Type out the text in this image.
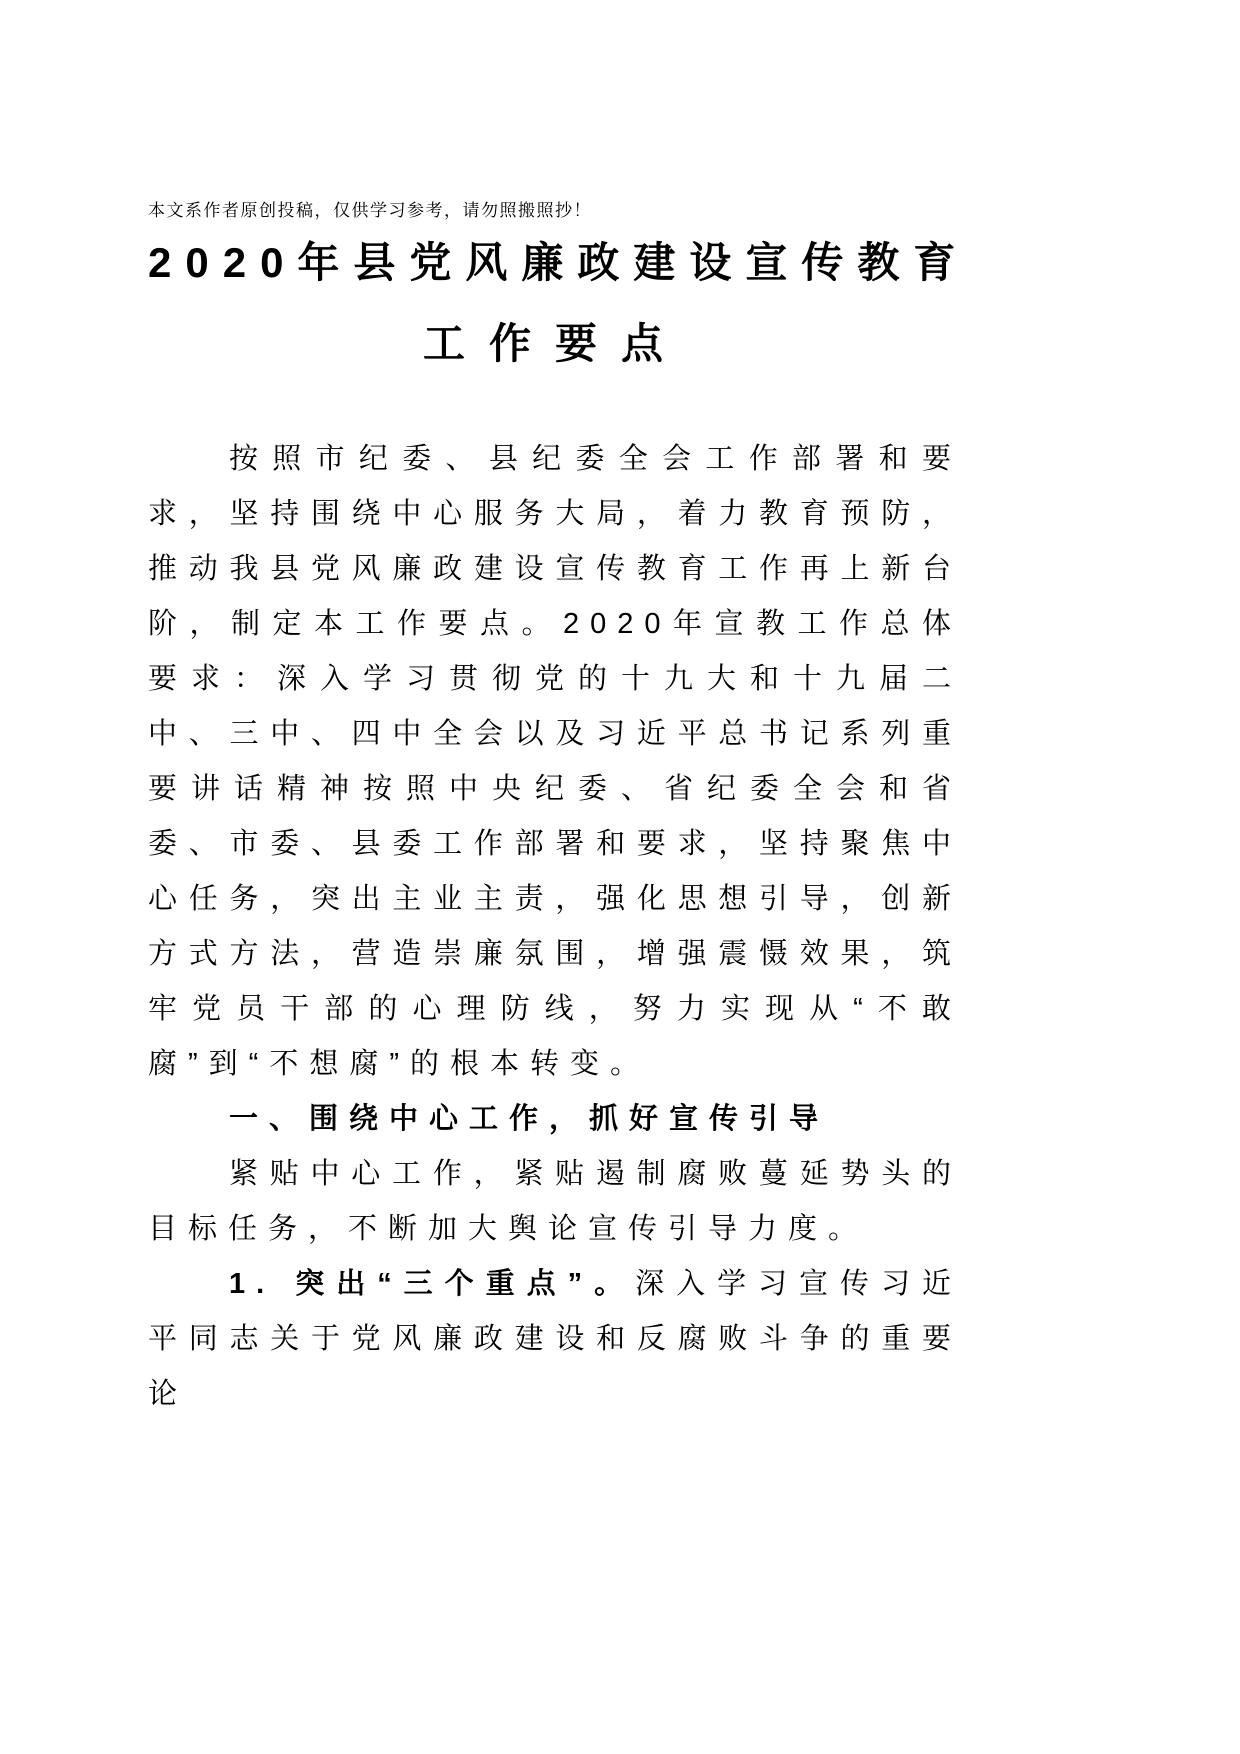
本文系作者原创投稿，仅供学习参考，请勿照搬照抄！
2020年县党风廉政建设宣传教育
工作要点

按照市纪委、县纪委全会工作部署和要求，坚持围绕中心服务大局，着力教育预防，推动我县党风廉政建设宣传教育工作再上新台阶，制定本工作要点。2020年宣教工作总体要求：深入学习贯彻党的十九大和十九届二中、三中、四中全会以及习近平总书记系列重要讲话精神按照中央纪委、省纪委全会和省委、市委、县委工作部署和要求，坚持聚焦中心任务，突出主业主责，强化思想引导，创新方式方法，营造崇廉氛围，增强震慑效果，筑牢党员干部的心理防线，努力实现从“不敢腐”到“不想腐”的根本转变。

一、围绕中心工作，抓好宣传引导

紧贴中心工作，紧贴遏制腐败蔓延势头的目标任务，不断加大舆论宣传引导力度。

1. 突出“三个重点”。深入学习宣传习近平同志关于党风廉政建设和反腐败斗争的重要论
